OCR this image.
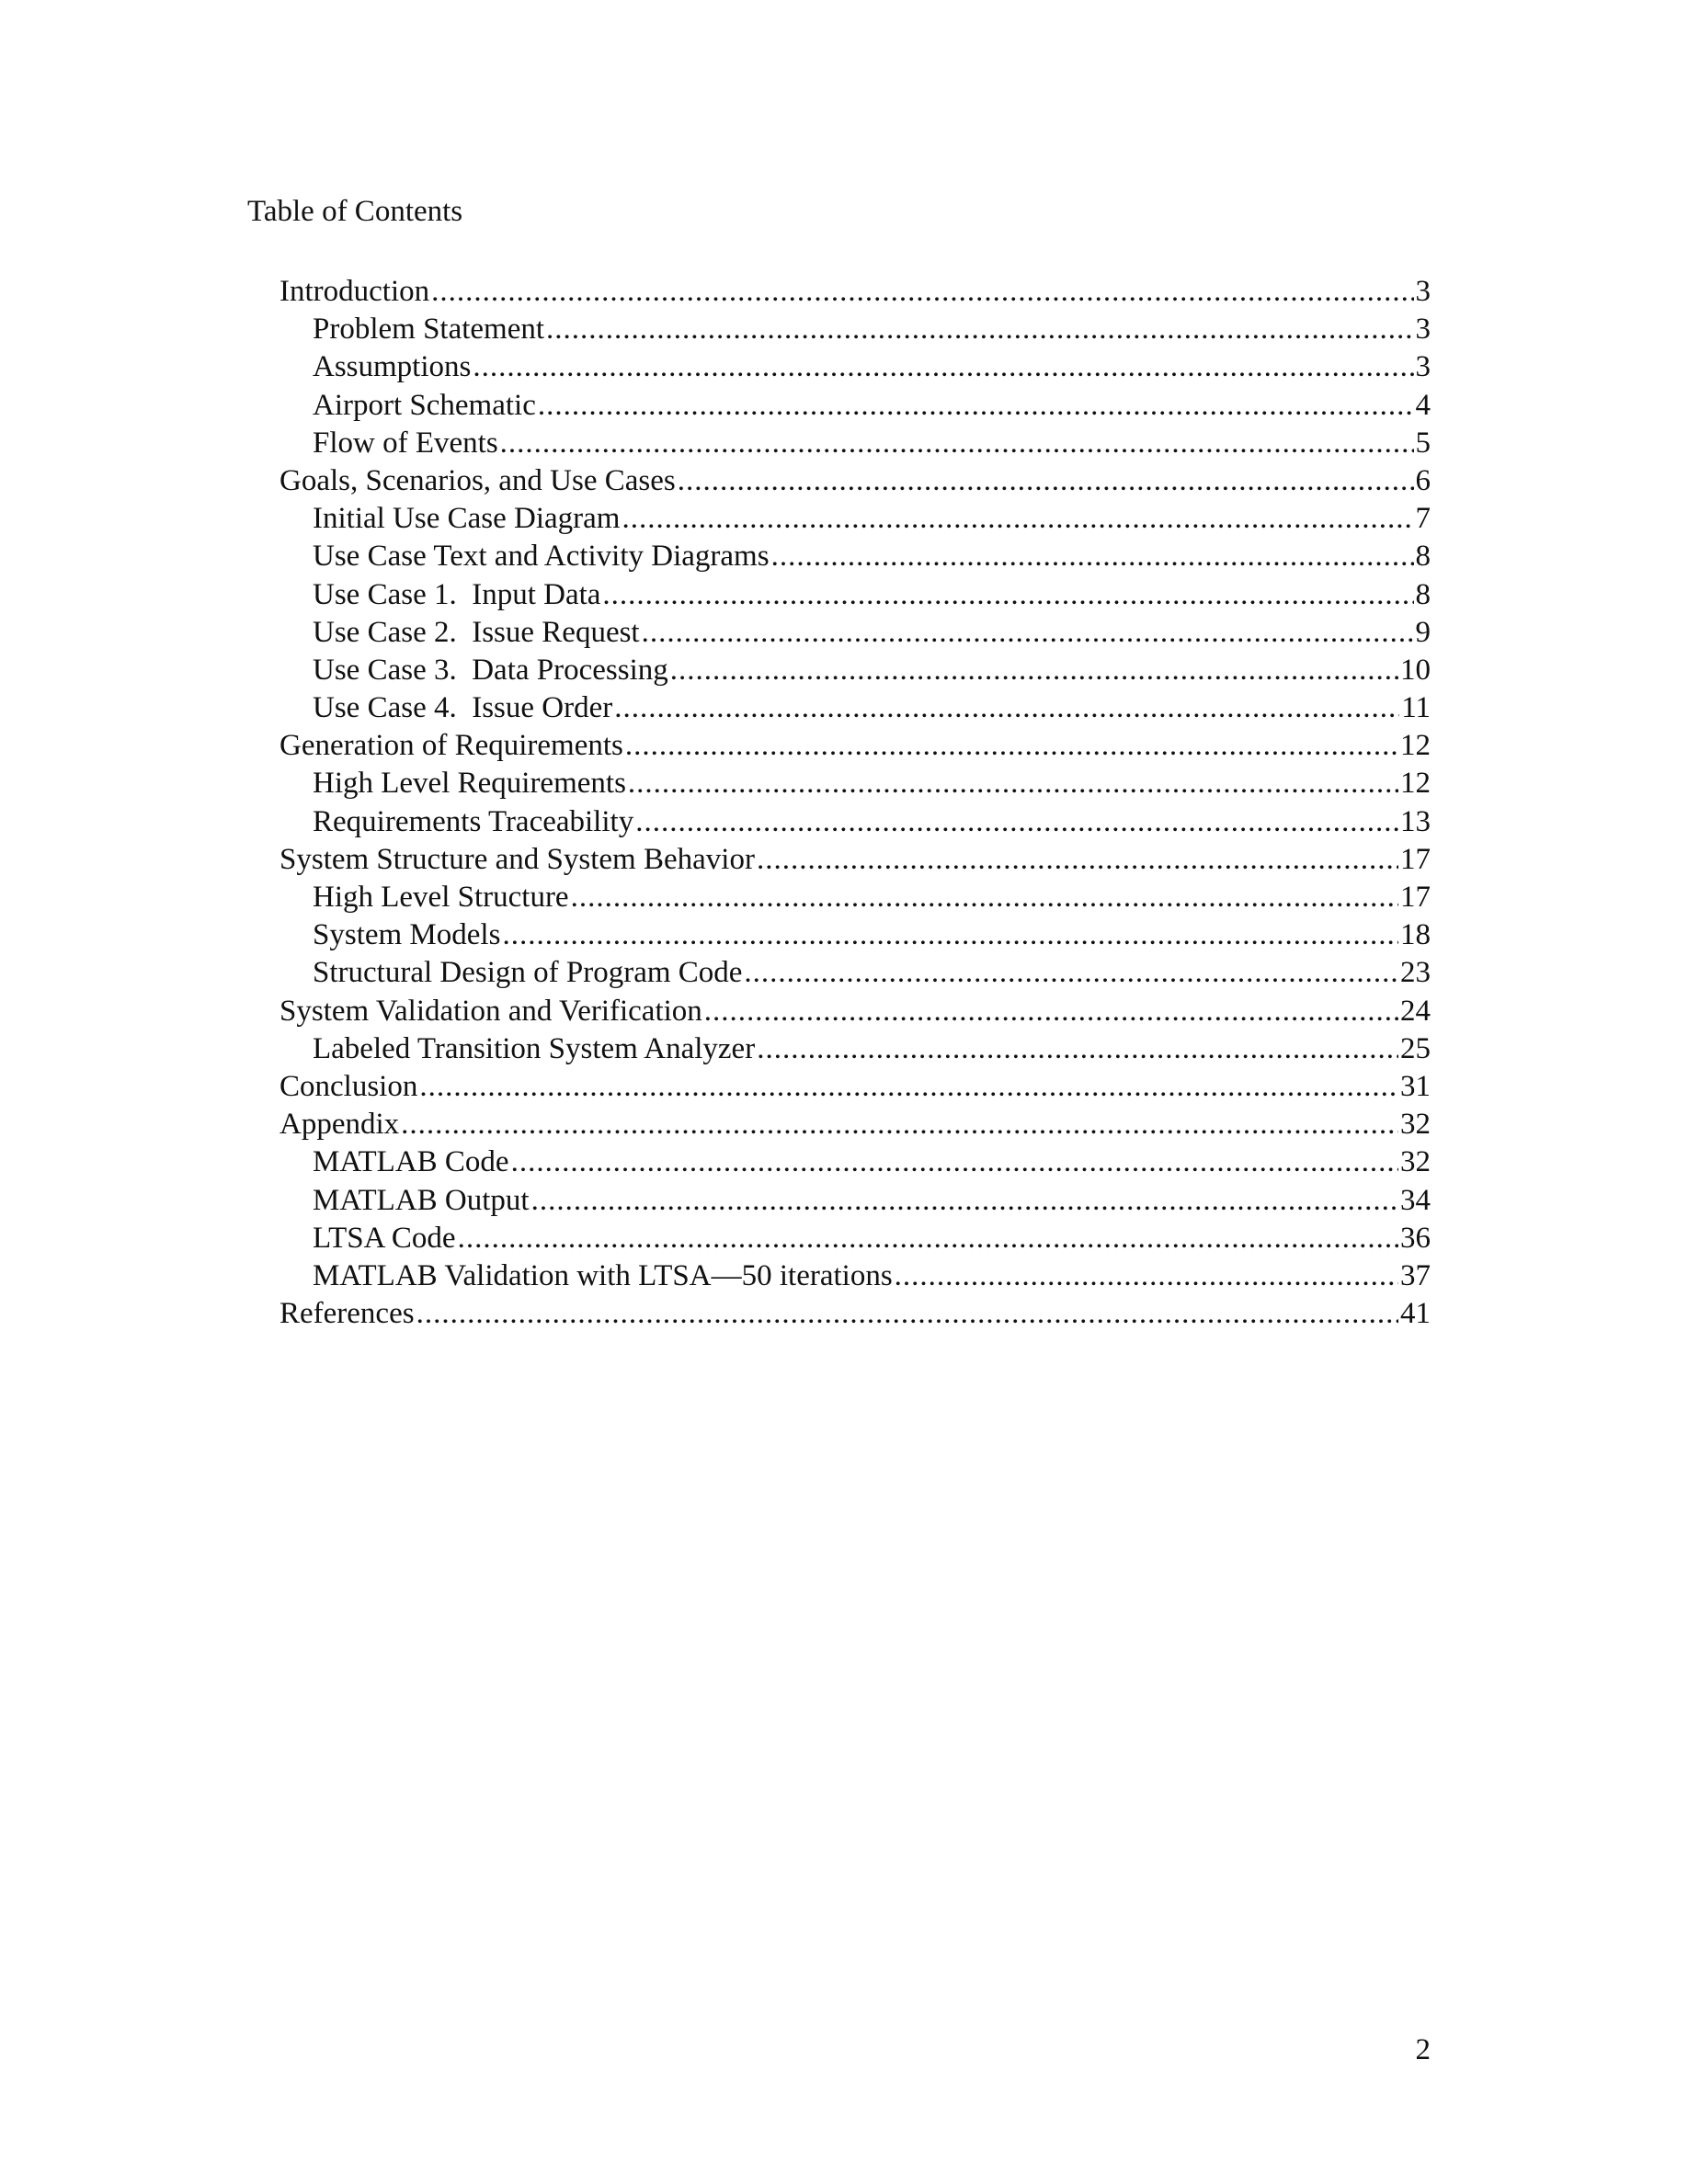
Table of Contents
Introduction .....	3
Problem Statement .....	3
Assumptions .....	3
Airport Schematic .....	4
Flow of Events .....	5
Goals, Scenarios, and Use Cases .....	6
Initial Use Case Diagram .....	7
Use Case Text and Activity Diagrams .....	8
Use Case 1.  Input Data .....	8
Use Case 2.  Issue Request .....	9
Use Case 3.  Data Processing .....	10
Use Case 4.  Issue Order .....	11
Generation of Requirements .....	12
High Level Requirements .....	12
Requirements Traceability .....	13
System Structure and System Behavior .....	17
High Level Structure .....	17
System Models .....	18
Structural Design of Program Code .....	23
System Validation and Verification .....	24
Labeled Transition System Analyzer .....	25
Conclusion .....	31
Appendix .....	32
MATLAB Code .....	32
MATLAB Output .....	34
LTSA Code .....	36
MATLAB Validation with LTSA—50 iterations .....	37
References .....	41
2
